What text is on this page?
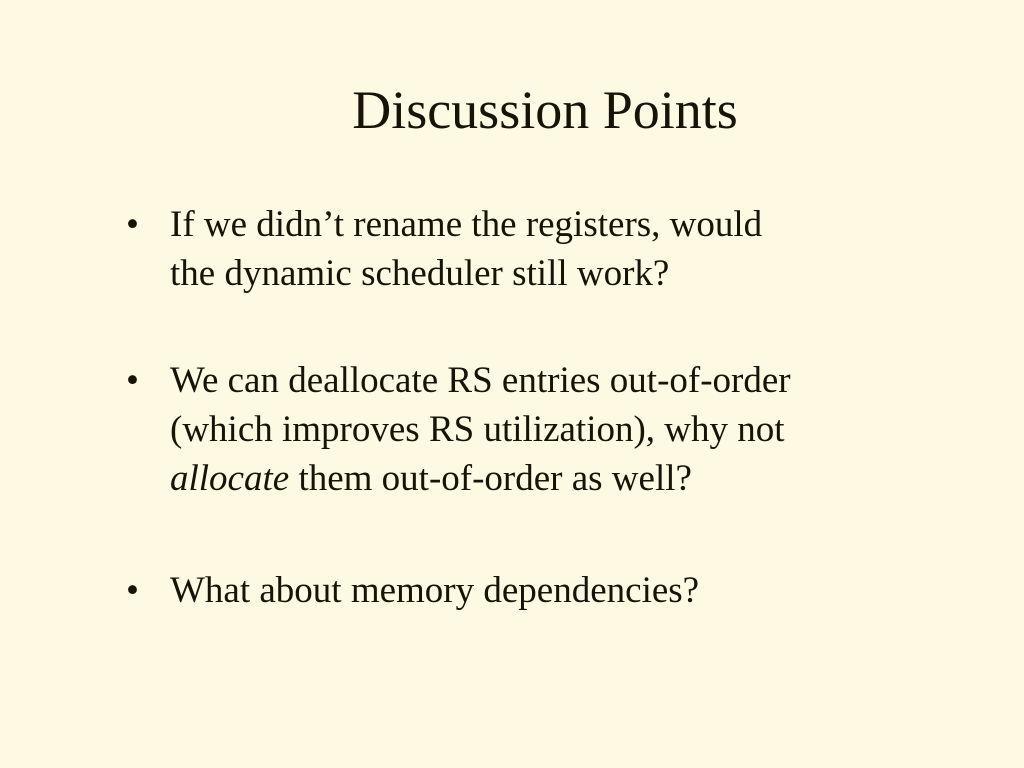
Discussion Points
• If we didn’t rename the registers, would
the dynamic scheduler still work?
• We can deallocate RS entries out-of-order
(which improves RS utilization), why not
allocate them out-of-order as well?
• What about memory dependencies?
